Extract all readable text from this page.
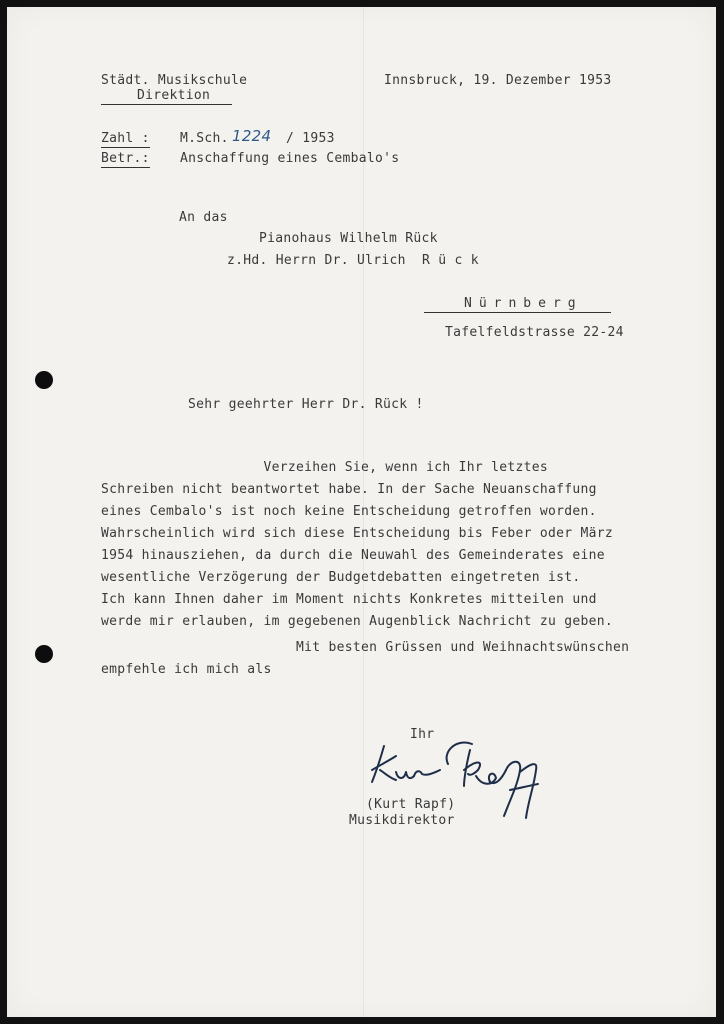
Städt. Musikschule

Direktion

Innsbruck, 19. Dezember 1953

Zahl : M.Sch. 1224 / 1953

Betr.: Anschaffung eines Cembalo's

An das

Pianohaus Wilhelm Rück

z.Hd. Herrn Dr. Ulrich  R ü c k

Nürnberg

Tafelfeldstrasse 22-24

Sehr geehrter Herr Dr. Rück !

Verzeihen Sie, wenn ich Ihr letztes

Schreiben nicht beantwortet habe. In der Sache Neuanschaffung

eines Cembalo's ist noch keine Entscheidung getroffen worden.

Wahrscheinlich wird sich diese Entscheidung bis Feber oder März

1954 hinausziehen, da durch die Neuwahl des Gemeinderates eine

wesentliche Verzögerung der Budgetdebatten eingetreten ist.

Ich kann Ihnen daher im Moment nichts Konkretes mitteilen und

werde mir erlauben, im gegebenen Augenblick Nachricht zu geben.

Mit besten Grüssen und Weihnachtswünschen

empfehle ich mich als

Ihr

(Kurt Rapf)

Musikdirektor
